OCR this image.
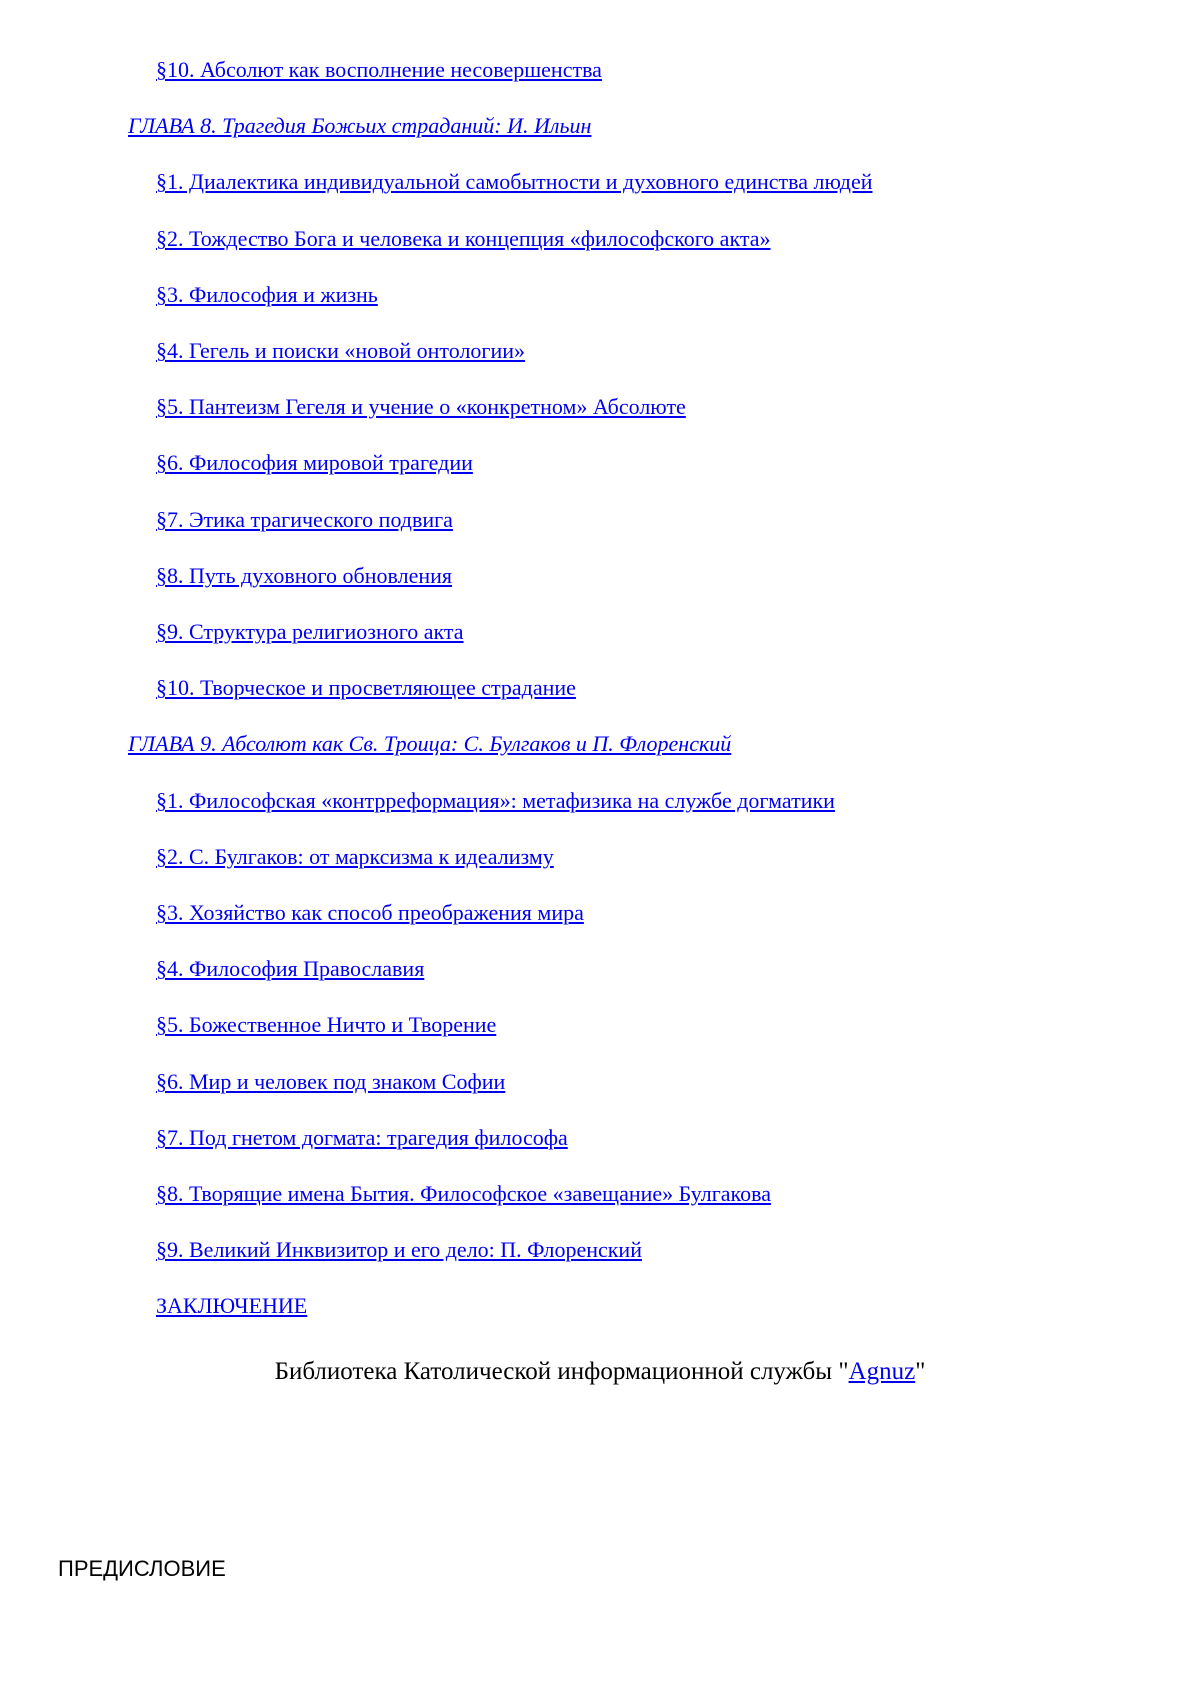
§10. Абсолют как восполнение несовершенства
ГЛАВА 8. Трагедия Божьих страданий: И. Ильин
§1. Диалектика индивидуальной самобытности и духовного единства людей
§2. Тождество Бога и человека и концепция «философского акта»
§3. Философия и жизнь
§4. Гегель и поиски «новой онтологии»
§5. Пантеизм Гегеля и учение о «конкретном» Абсолюте
§6. Философия мировой трагедии
§7. Этика трагического подвига
§8. Путь духовного обновления
§9. Структура религиозного акта
§10. Творческое и просветляющее страдание
ГЛАВА 9. Абсолют как Св. Троица: С. Булгаков и П. Флоренский
§1. Философская «контрреформация»: метафизика на службе догматики
§2. С. Булгаков: от марксизма к идеализму
§3. Хозяйство как способ преображения мира
§4. Философия Православия
§5. Божественное Ничто и Творение
§6. Мир и человек под знаком Софии
§7. Под гнетом догмата: трагедия философа
§8. Творящие имена Бытия. Философское «завещание» Булгакова
§9. Великий Инквизитор и его дело: П. Флоренский
ЗАКЛЮЧЕНИЕ
Библиотека Католической информационной службы "Agnuz"
ПРЕДИСЛОВИЕ
